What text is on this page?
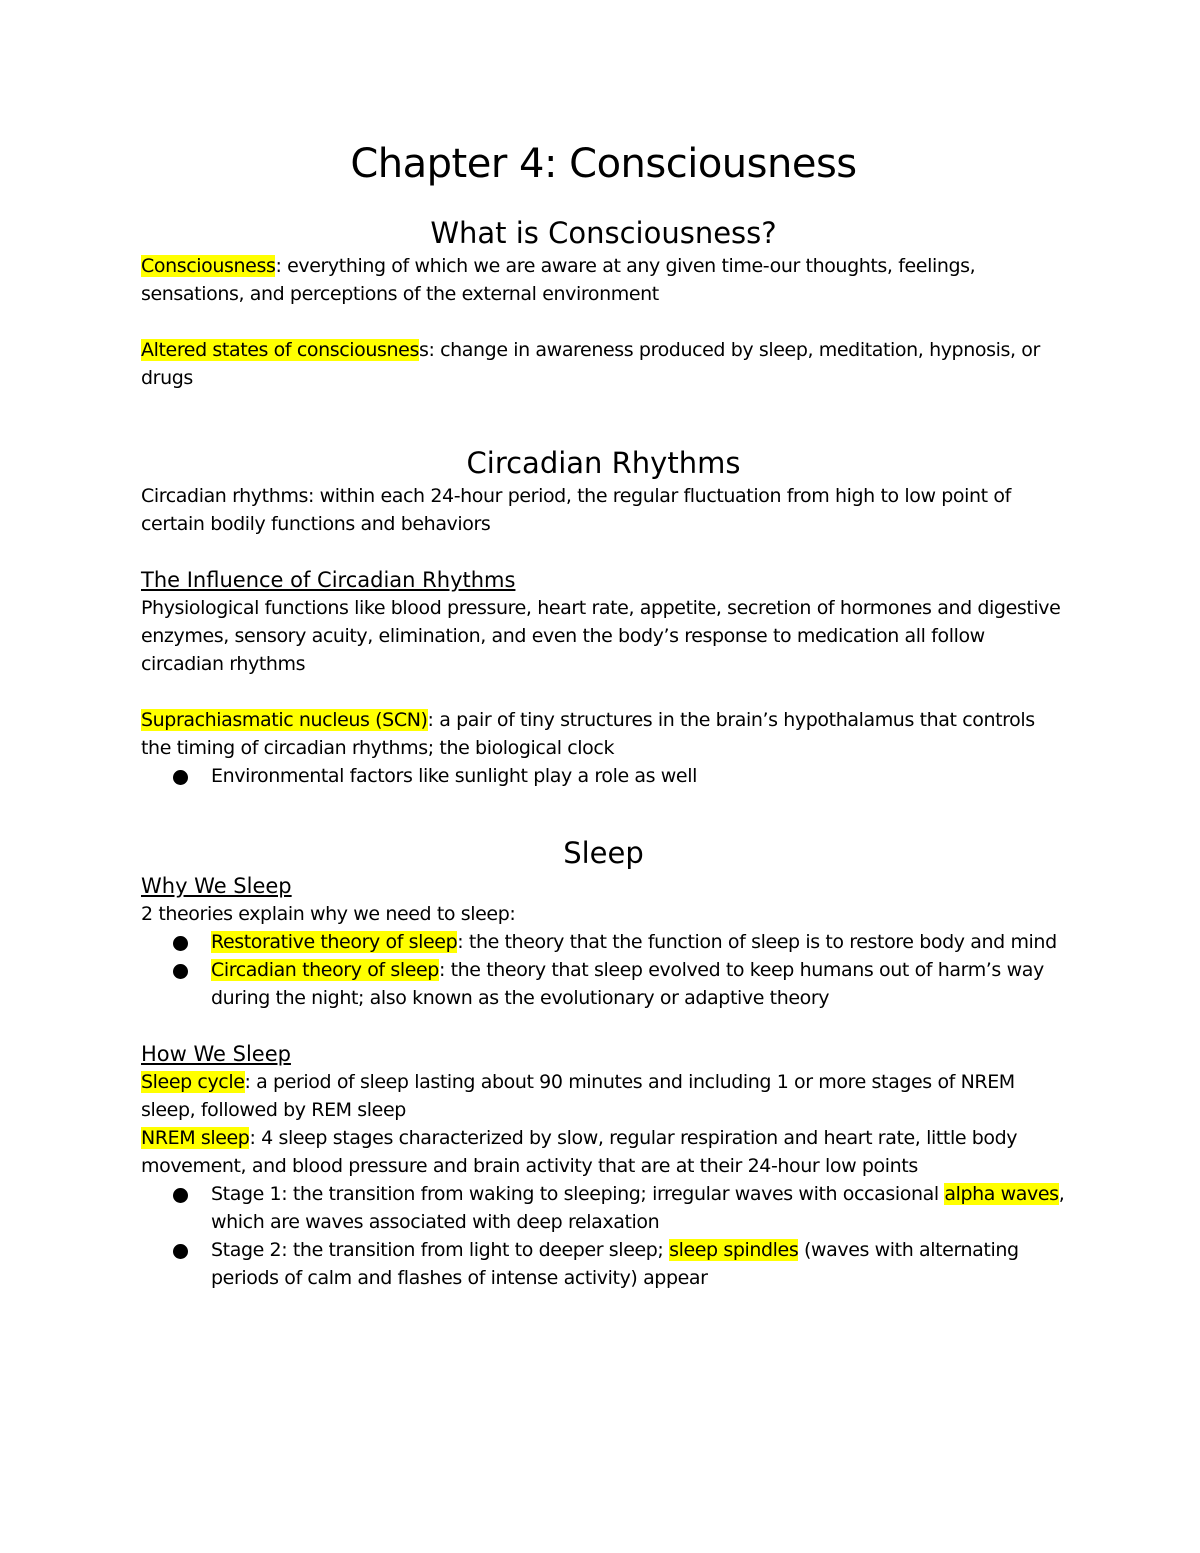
Chapter 4: Consciousness
What is Consciousness?

Consciousness: everything of which we are aware at any given time-our thoughts, feelings, sensations, and perceptions of the external environment

Altered states of consciousness: change in awareness produced by sleep, meditation, hypnosis, or drugs

Circadian Rhythms

Circadian rhythms: within each 24-hour period, the regular fluctuation from high to low point of certain bodily functions and behaviors

The Influence of Circadian Rhythms

Physiological functions like blood pressure, heart rate, appetite, secretion of hormones and digestive enzymes, sensory acuity, elimination, and even the body’s response to medication all follow circadian rhythms

Suprachiasmatic nucleus (SCN): a pair of tiny structures in the brain’s hypothalamus that controls the timing of circadian rhythms; the biological clock

Environmental factors like sunlight play a role as well
Sleep
Why We Sleep

2 theories explain why we need to sleep:

Restorative theory of sleep: the theory that the function of sleep is to restore body and mind
Circadian theory of sleep: the theory that sleep evolved to keep humans out of harm’s way during the night; also known as the evolutionary or adaptive theory
How We Sleep

Sleep cycle: a period of sleep lasting about 90 minutes and including 1 or more stages of NREM sleep, followed by REM sleep

NREM sleep: 4 sleep stages characterized by slow, regular respiration and heart rate, little body movement, and blood pressure and brain activity that are at their 24-hour low points

Stage 1: the transition from waking to sleeping; irregular waves with occasional alpha waves, which are waves associated with deep relaxation
Stage 2: the transition from light to deeper sleep; sleep spindles (waves with alternating periods of calm and flashes of intense activity) appear
